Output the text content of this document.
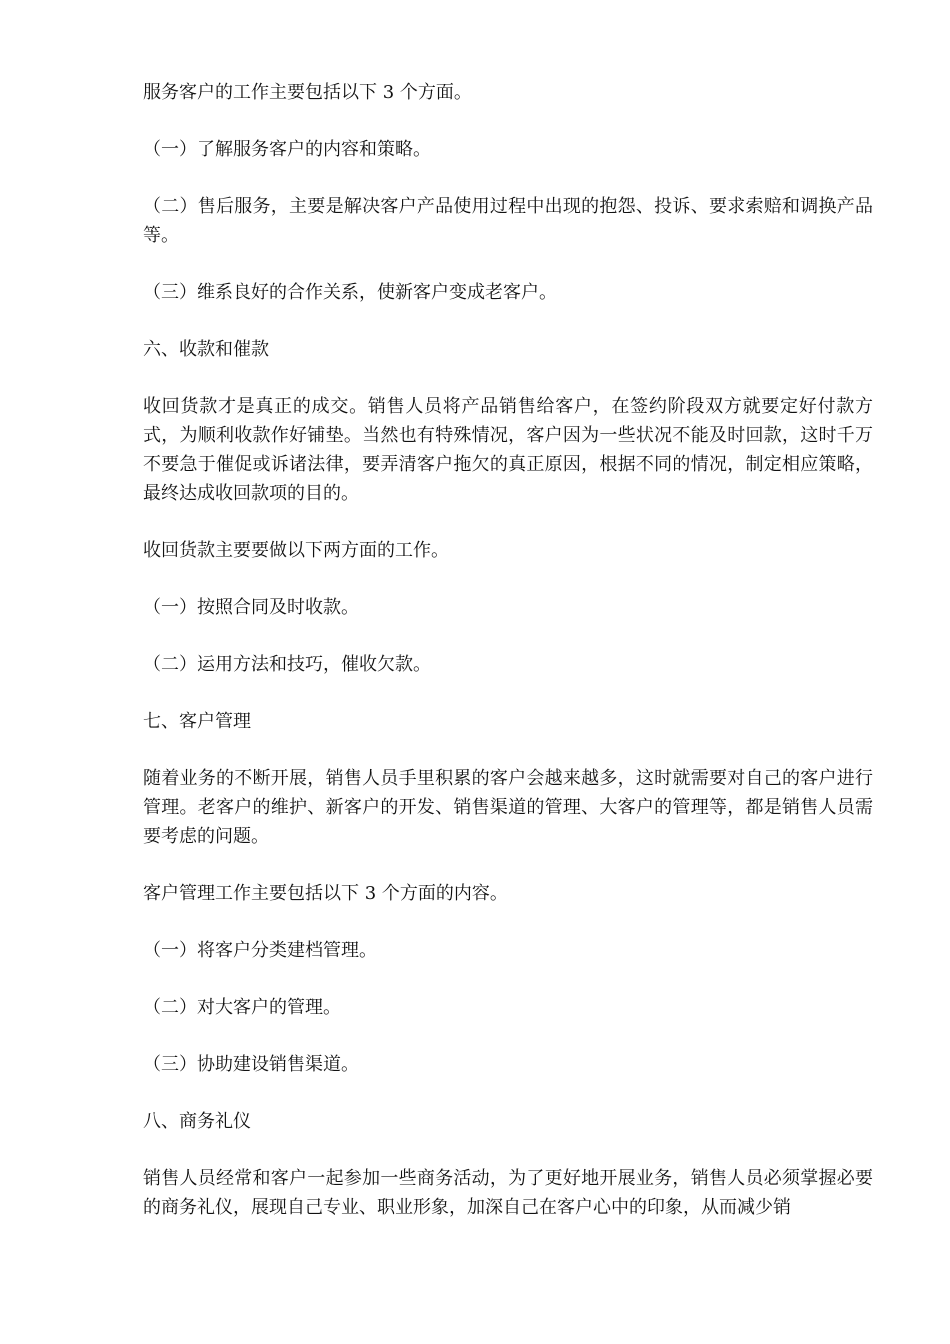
服务客户的工作主要包括以下 3 个方面。

（一）了解服务客户的内容和策略。

（二）售后服务，主要是解决客户产品使用过程中出现的抱怨、投诉、要求索赔和调换产品等。

（三）维系良好的合作关系，使新客户变成老客户。

六、收款和催款

收回货款才是真正的成交。销售人员将产品销售给客户，在签约阶段双方就要定好付款方式，为顺利收款作好铺垫。当然也有特殊情况，客户因为一些状况不能及时回款，这时千万不要急于催促或诉诸法律，要弄清客户拖欠的真正原因，根据不同的情况，制定相应策略，最终达成收回款项的目的。

收回货款主要要做以下两方面的工作。

（一）按照合同及时收款。

（二）运用方法和技巧，催收欠款。

七、客户管理

随着业务的不断开展，销售人员手里积累的客户会越来越多，这时就需要对自己的客户进行管理。老客户的维护、新客户的开发、销售渠道的管理、大客户的管理等，都是销售人员需要考虑的问题。

客户管理工作主要包括以下 3 个方面的内容。

（一）将客户分类建档管理。

（二）对大客户的管理。

（三）协助建设销售渠道。

八、商务礼仪

销售人员经常和客户一起参加一些商务活动，为了更好地开展业务，销售人员必须掌握必要的商务礼仪，展现自己专业、职业形象，加深自己在客户心中的印象，从而减少销
